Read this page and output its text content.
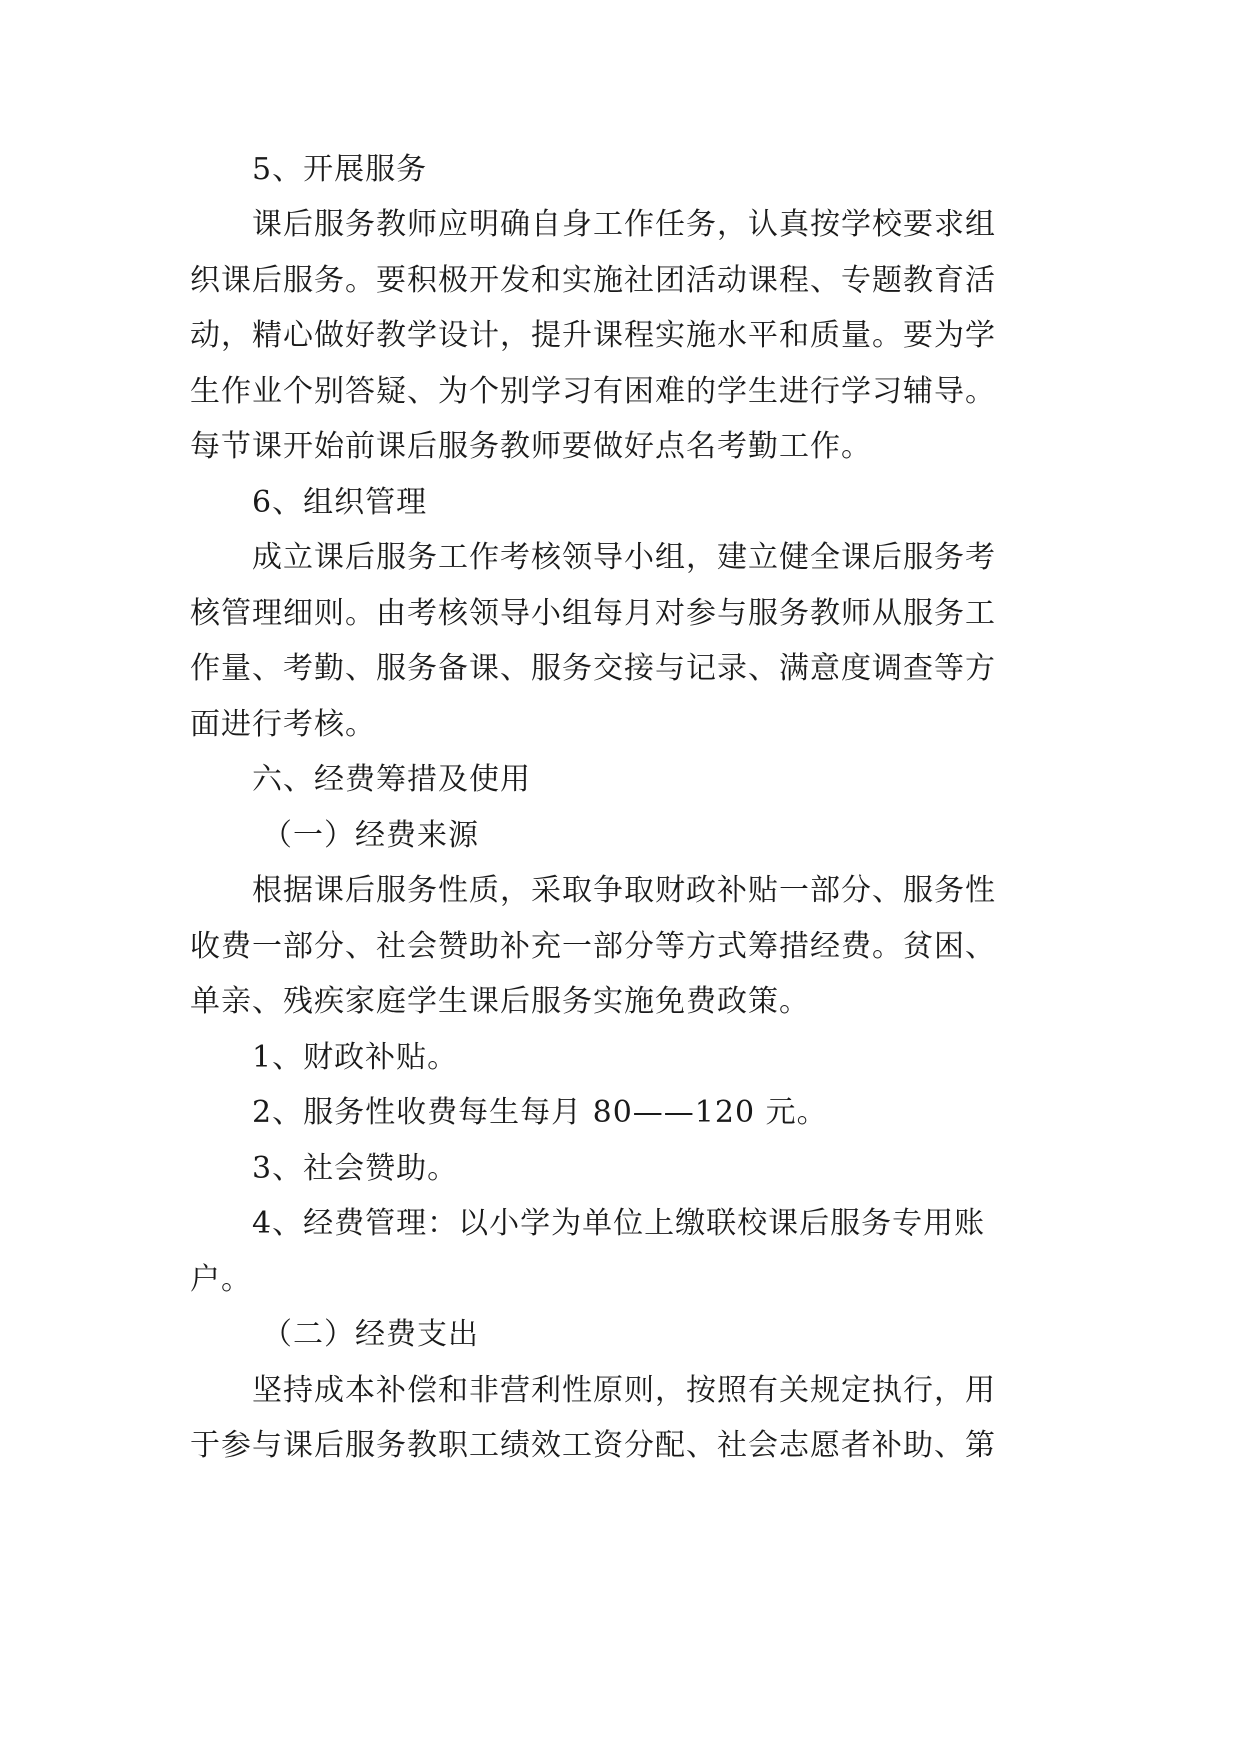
5、开展服务
课后服务教师应明确自身工作任务，认真按学校要求组
织课后服务。要积极开发和实施社团活动课程、专题教育活
动，精心做好教学设计，提升课程实施水平和质量。要为学
生作业个别答疑、为个别学习有困难的学生进行学习辅导。
每节课开始前课后服务教师要做好点名考勤工作。
6、组织管理
成立课后服务工作考核领导小组，建立健全课后服务考
核管理细则。由考核领导小组每月对参与服务教师从服务工
作量、考勤、服务备课、服务交接与记录、满意度调查等方
面进行考核。
六、经费筹措及使用
（一）经费来源
根据课后服务性质，采取争取财政补贴一部分、服务性
收费一部分、社会赞助补充一部分等方式筹措经费。贫困、
单亲、残疾家庭学生课后服务实施免费政策。
1、财政补贴。
2、服务性收费每生每月 80——120 元。
3、社会赞助。
4、经费管理：以小学为单位上缴联校课后服务专用账
户。
（二）经费支出
坚持成本补偿和非营利性原则，按照有关规定执行，用
于参与课后服务教职工绩效工资分配、社会志愿者补助、第
